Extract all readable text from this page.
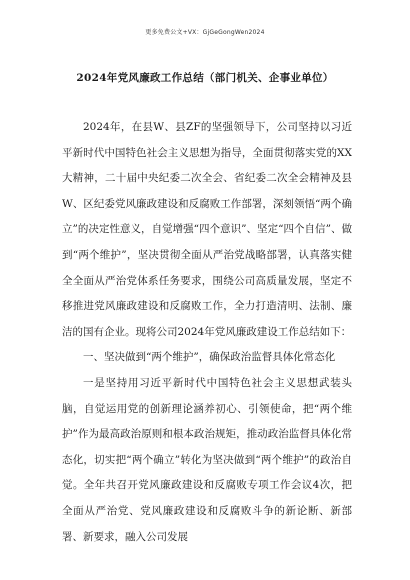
更多免费公文+VX：GjGeGongWen2024
2024年党风廉政工作总结（部门机关、企事业单位）

2024年，在县W、县ZF的坚强领导下，公司坚持以习近平新时代中国特色社会主义思想为指导，全面贯彻落实党的XX大精神，二十届中央纪委二次全会、省纪委二次全会精神及县W、区纪委党风廉政建设和反腐败工作部署，深刻领悟“两个确立”的决定性意义，自觉增强“四个意识”、坚定“四个自信”、做到“两个维护”，坚决贯彻全面从严治党战略部署，认真落实健全全面从严治党体系任务要求，围绕公司高质量发展，坚定不移推进党风廉政建设和反腐败工作，全力打造清明、法制、廉洁的国有企业。现将公司2024年党风廉政建设工作总结如下：

一、坚决做到“两个维护”，确保政治监督具体化常态化

一是坚持用习近平新时代中国特色社会主义思想武装头脑，自觉运用党的创新理论涵养初心、引领使命，把“两个维护”作为最高政治原则和根本政治规矩，推动政治监督具体化常态化，切实把“两个确立”转化为坚决做到“两个维护”的政治自觉。全年共召开党风廉政建设和反腐败专项工作会议4次，把全面从严治党、党风廉政建设和反腐败斗争的新论断、新部署、新要求，融入公司发展
